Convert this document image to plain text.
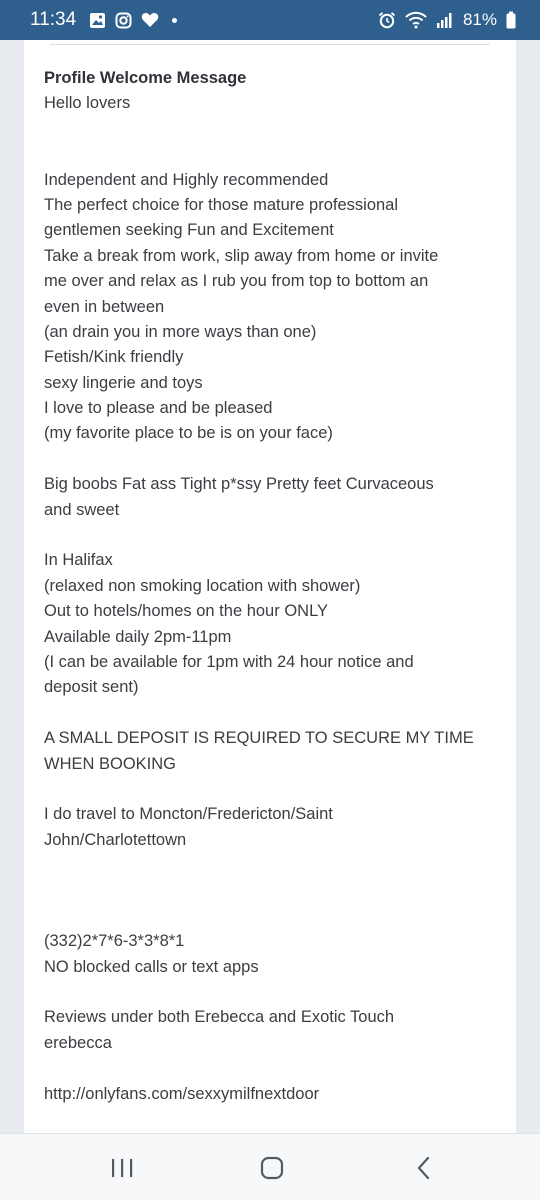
11:34	81%
Profile Welcome Message
Hello lovers
Independent and Highly recommended
The perfect choice for those mature professional
gentlemen seeking Fun and Excitement
Take a break from work, slip away from home or invite
me over and relax as I rub you from top to bottom an
even in between
(an drain you in more ways than one)
Fetish/Kink friendly
sexy lingerie and toys
I love to please and be pleased
(my favorite place to be is on your face)
Big boobs Fat ass Tight p*ssy Pretty feet Curvaceous
and sweet
In Halifax
(relaxed non smoking location with shower)
Out to hotels/homes on the hour ONLY
Available daily 2pm-11pm
(I can be available for 1pm with 24 hour notice and
deposit sent)
A SMALL DEPOSIT IS REQUIRED TO SECURE MY TIME
WHEN BOOKING
I do travel to Moncton/Fredericton/Saint
John/Charlotettown
(332)2*7*6-3*3*8*1
NO blocked calls or text apps
Reviews under both Erebecca and Exotic Touch
erebecca
http://onlyfans.com/sexxymilfnextdoor
